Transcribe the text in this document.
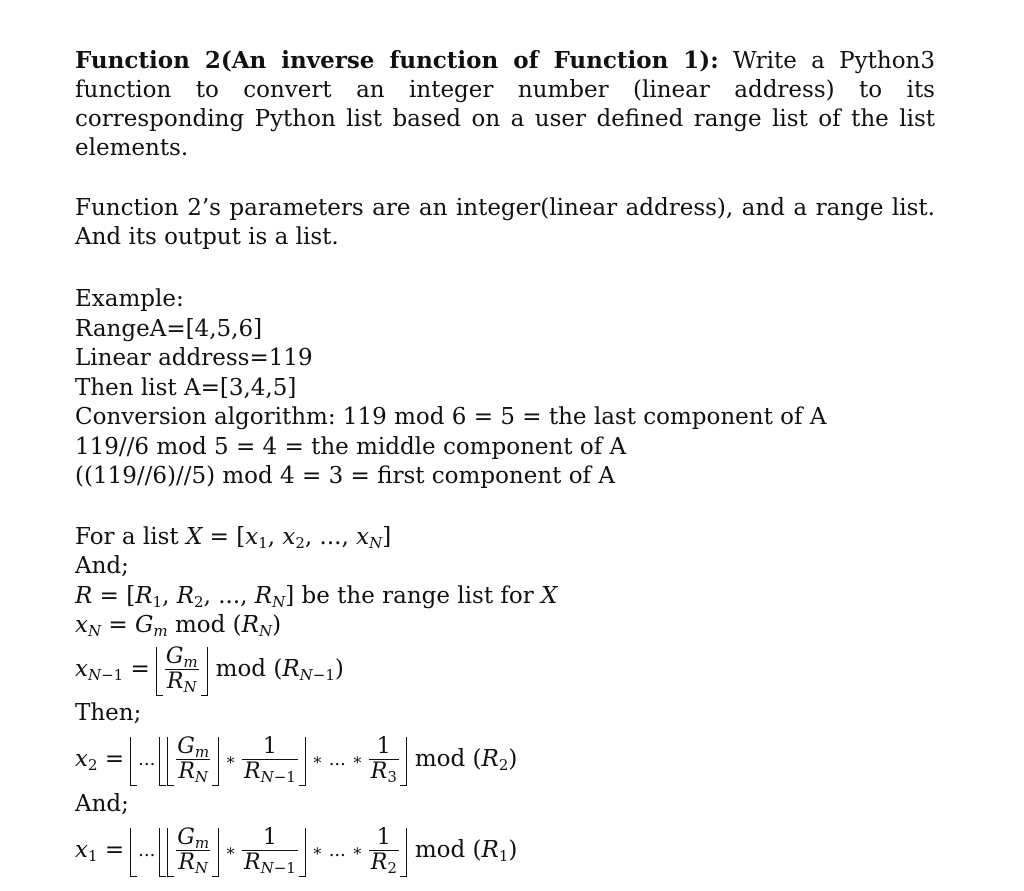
Function 2(An inverse function of Function 1): Write a Python3 function to convert an integer number (linear address) to its corresponding Python list based on a user defined range list of the list elements.

Function 2’s parameters are an integer(linear address), and a range list. And its output is a list.

Example:
RangeA=[4,5,6]
Linear address=119
Then list A=[3,4,5]
Conversion algorithm: 119 mod 6 = 5 = the last component of A
119//6 mod 5 = 4 = the middle component of A
((119//6)//5) mod 4 = 3 = first component of A
For a list $X = [x_1$, $x_2$, ..., $x_N$]
And;
$R = [R_1$, $R_2$, ..., $R_N$] be the range list for X
$x_N = G_m$ mod $(R_N)$
$x_{N-1} = \frac{G_m}{R_N}$ mod $(R_{N-1})$
Then;
$x_2$ = ... $\frac{G_m}{R_N}$ ∗ $\frac{1}{R_{N-1}}$ ∗ ... ∗ $\frac{1}{R_3}$ mod $(R_2)$
And;
$x_1$ = ... $\frac{G_m}{R_N}$ ∗ $\frac{1}{R_{N-1}}$ ∗ ... ∗ $\frac{1}{R_2}$ mod $(R_1)$
